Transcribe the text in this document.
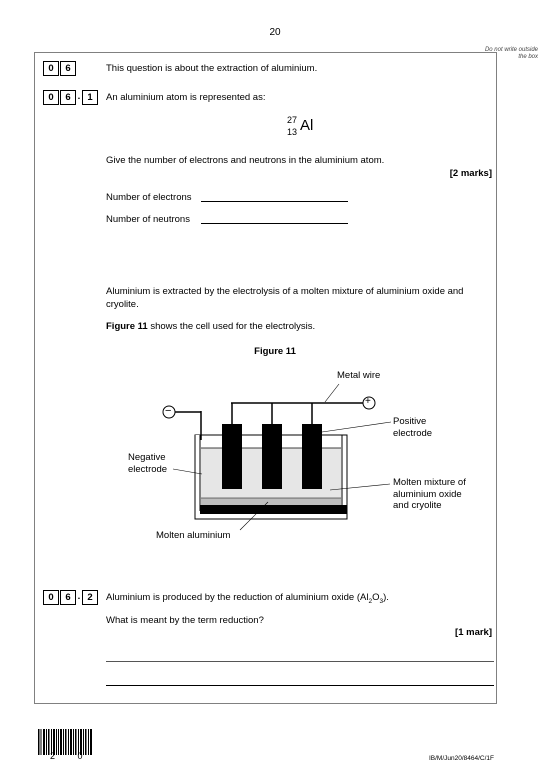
20
Do not write outside the box
0	6	This question is about the extraction of aluminium.
0	6 . 1	An aluminium atom is represented as:
27
13 Al
Give the number of electrons and neutrons in the aluminium atom.
[2 marks]
Number of electrons
Number of neutrons
Aluminium is extracted by the electrolysis of a molten mixture of aluminium oxide and cryolite.
Figure 11 shows the cell used for the electrolysis.
Figure 11
−
+
Metal wire
Positive
electrode
Negative
electrode
Molten mixture of
aluminium oxide
and cryolite
Molten aluminium
0	6 . 2	Aluminium is produced by the reduction of aluminium oxide $(Al_2O_3)$.
What is meant by the term reduction?
[1 mark]
2 0	IB/M/Jun20/8464/C/1F
